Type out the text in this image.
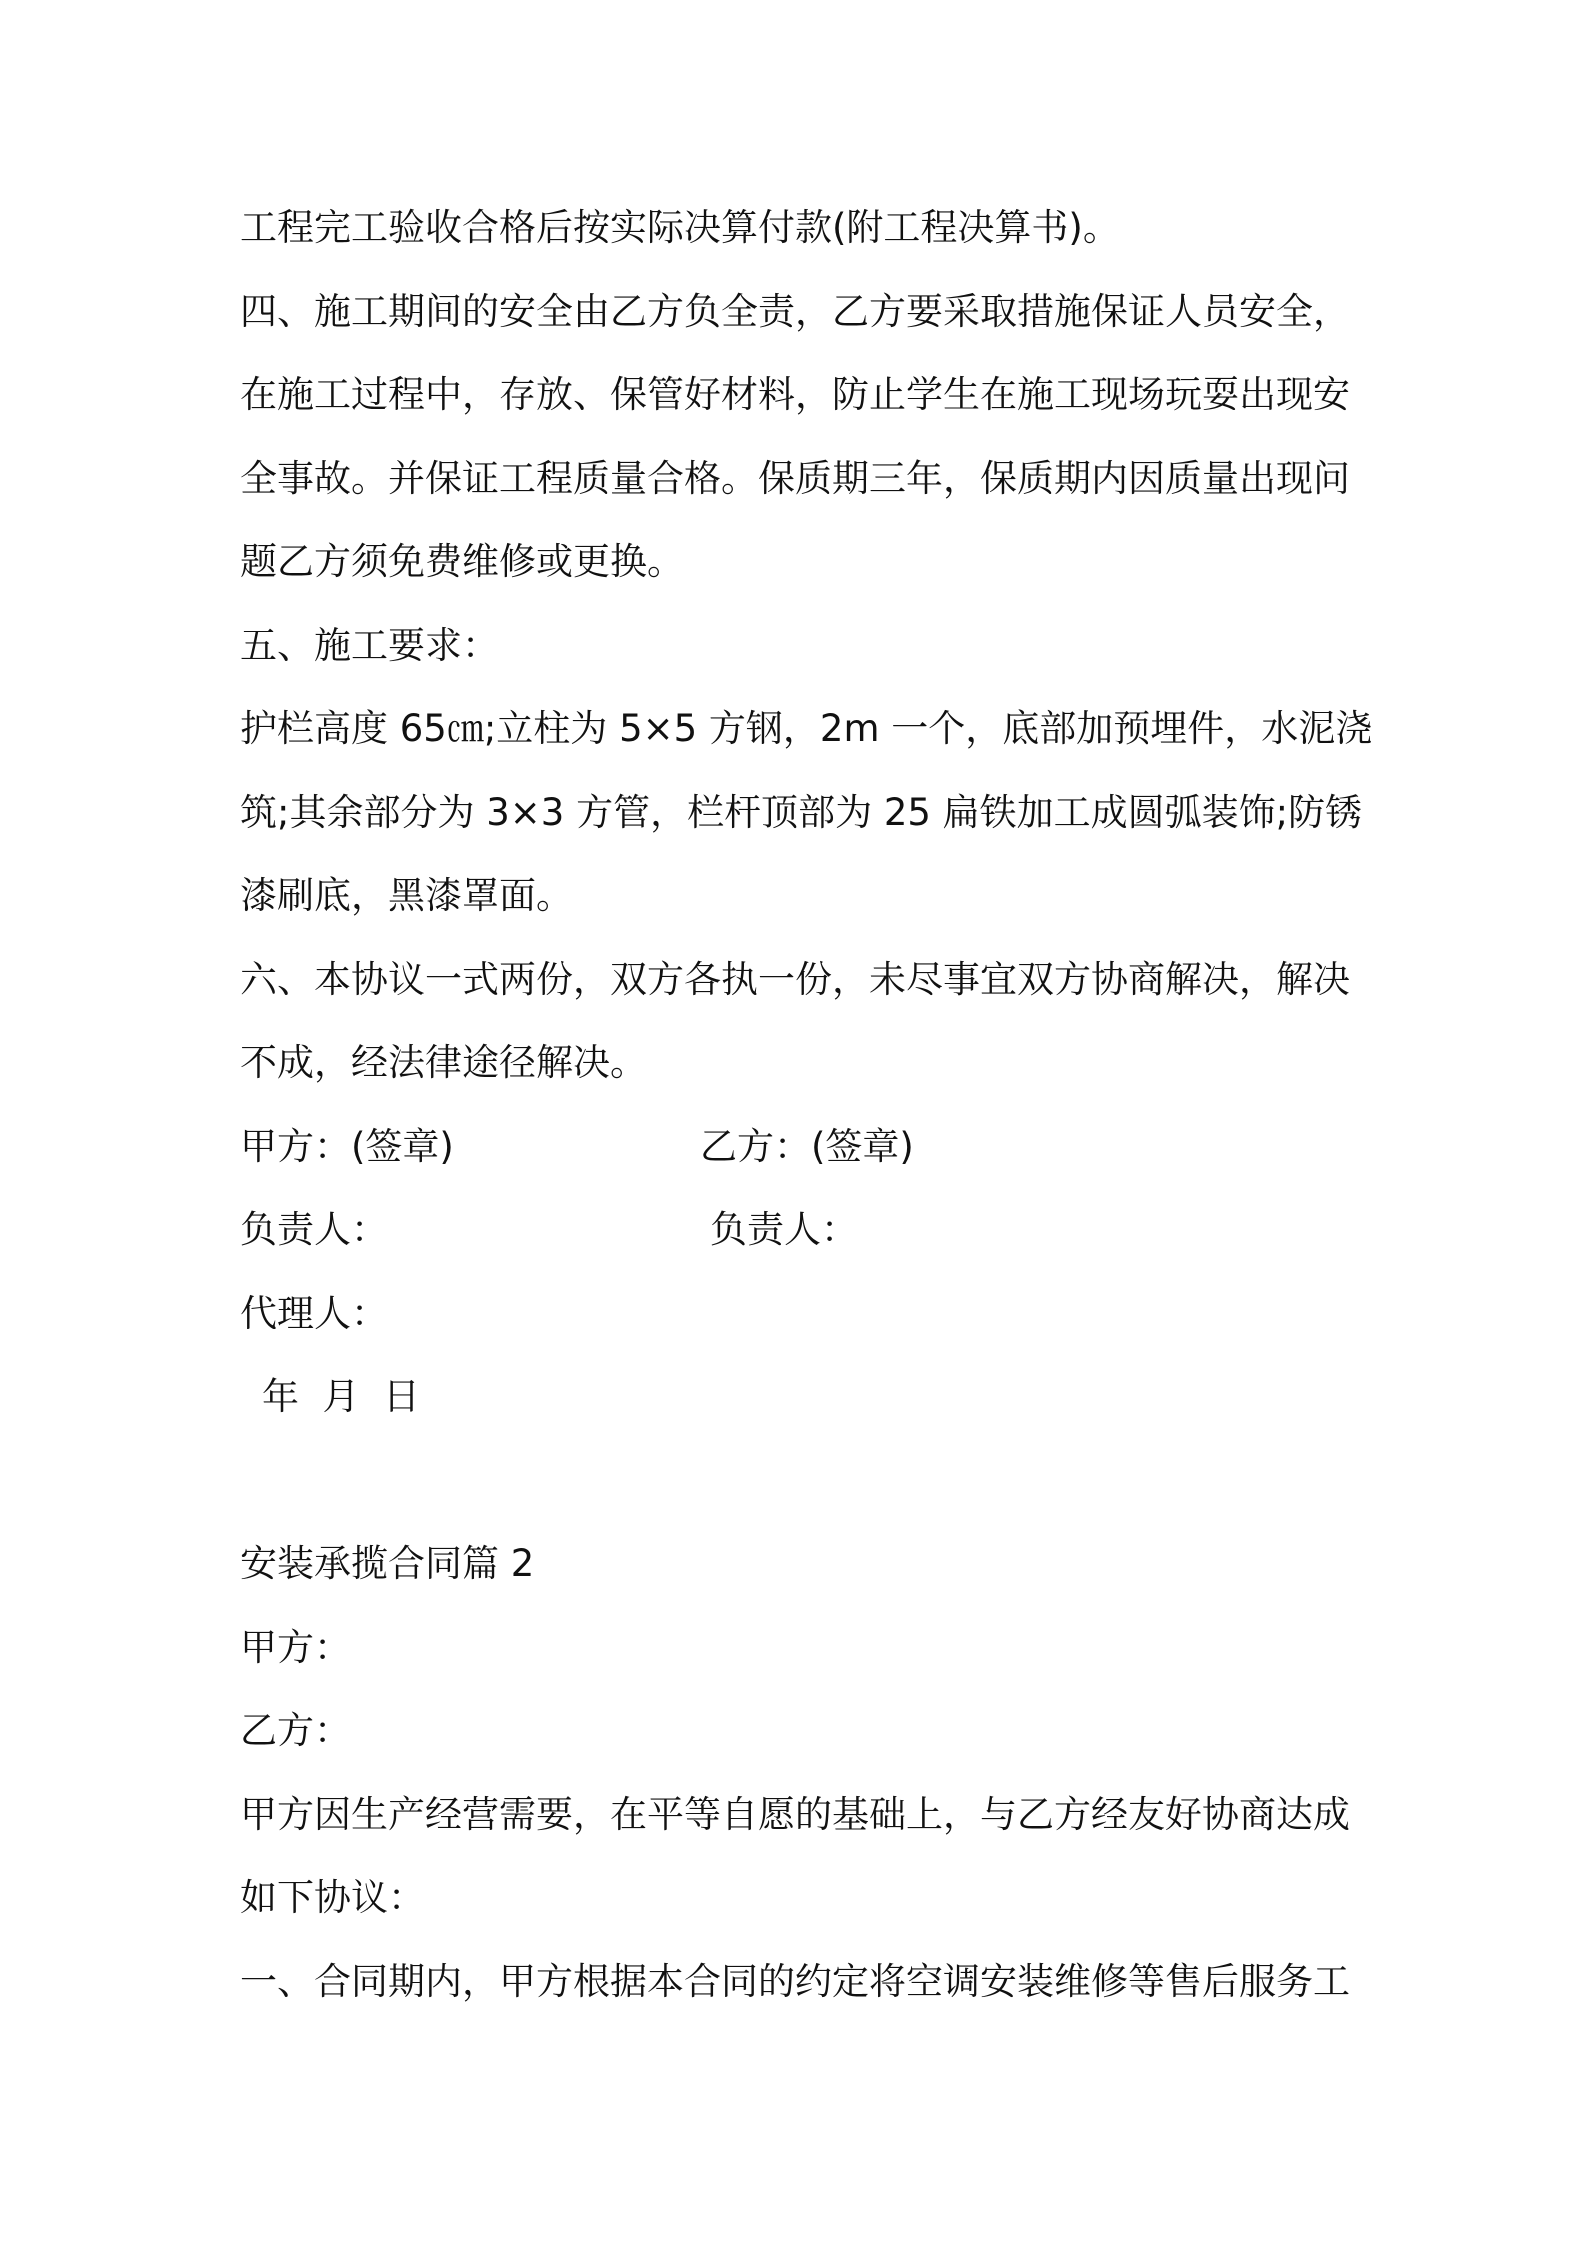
工程完工验收合格后按实际决算付款(附工程决算书)。
四、施工期间的安全由乙方负全责，乙方要采取措施保证人员安全，
在施工过程中，存放、保管好材料，防止学生在施工现场玩耍出现安
全事故。并保证工程质量合格。保质期三年，保质期内因质量出现问
题乙方须免费维修或更换。
五、施工要求：
护栏高度 65㎝;立柱为 5×5 方钢，2m 一个，底部加预埋件，水泥浇
筑;其余部分为 3×3 方管，栏杆顶部为 25 扁铁加工成圆弧装饰;防锈
漆刷底，黑漆罩面。
六、本协议一式两份，双方各执一份，未尽事宜双方协商解决，解决
不成，经法律途径解决。
甲方：(签章)	乙方：(签章)
负责人：	负责人：
代理人：
年  月  日
安装承揽合同篇 2
甲方：
乙方：
甲方因生产经营需要，在平等自愿的基础上，与乙方经友好协商达成
如下协议：
一、合同期内，甲方根据本合同的约定将空调安装维修等售后服务工
